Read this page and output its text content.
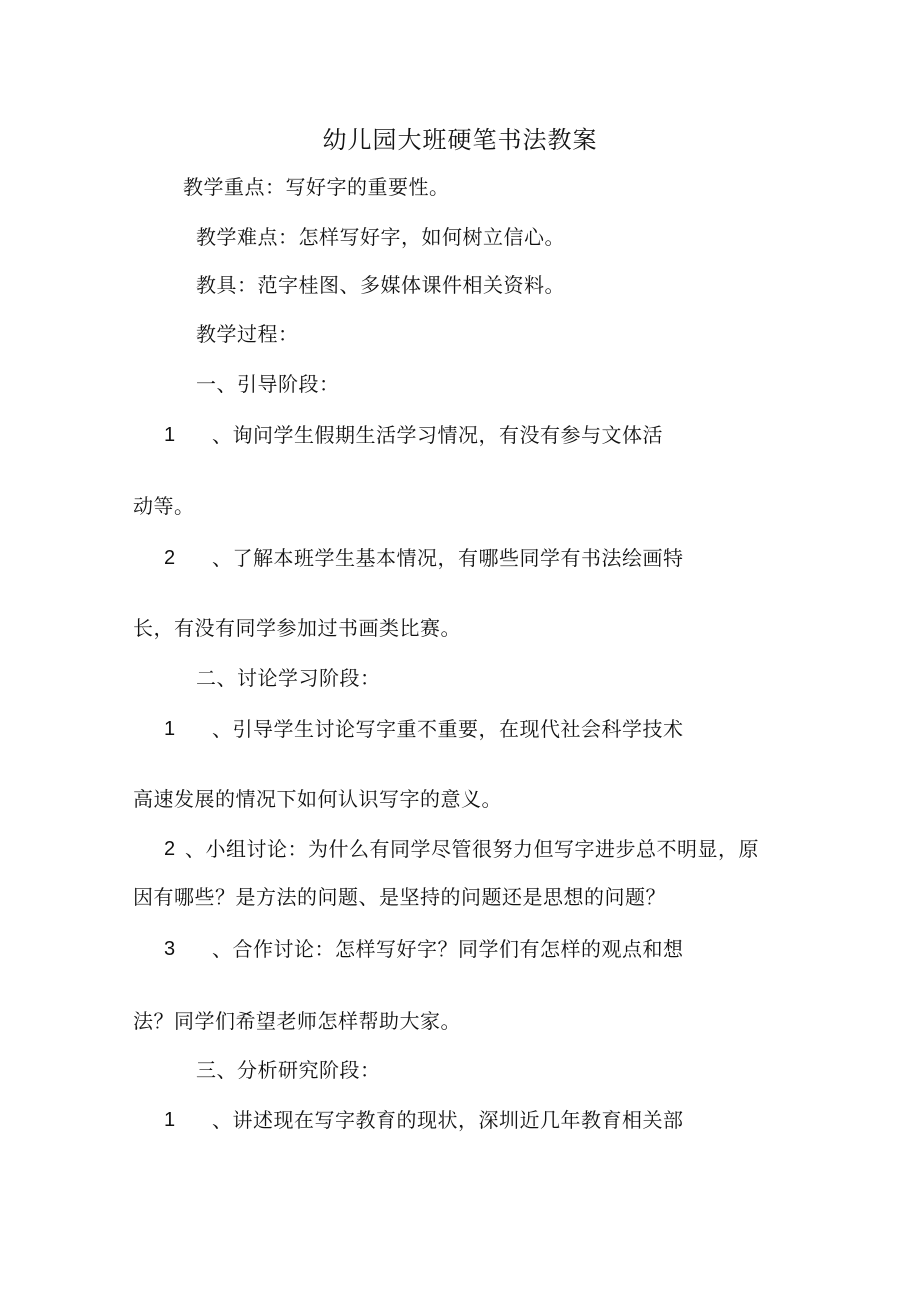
幼儿园大班硬笔书法教案
教学重点：写好字的重要性。
教学难点：怎样写好字，如何树立信心。
教具：范字桂图、多媒体课件相关资料。
教学过程：
一、引导阶段：
1 、询问学生假期生活学习情况，有没有参与文体活
动等。
2 、了解本班学生基本情况，有哪些同学有书法绘画特
长，有没有同学参加过书画类比赛。
二、讨论学习阶段：
1 、引导学生讨论写字重不重要，在现代社会科学技术
高速发展的情况下如何认识写字的意义。
2 、小组讨论：为什么有同学尽管很努力但写字进步总不明显，原
因有哪些？是方法的问题、是坚持的问题还是思想的问题？
3 、合作讨论：怎样写好字？同学们有怎样的观点和想
法？同学们希望老师怎样帮助大家。
三、分析研究阶段：
1 、讲述现在写字教育的现状，深圳近几年教育相关部
